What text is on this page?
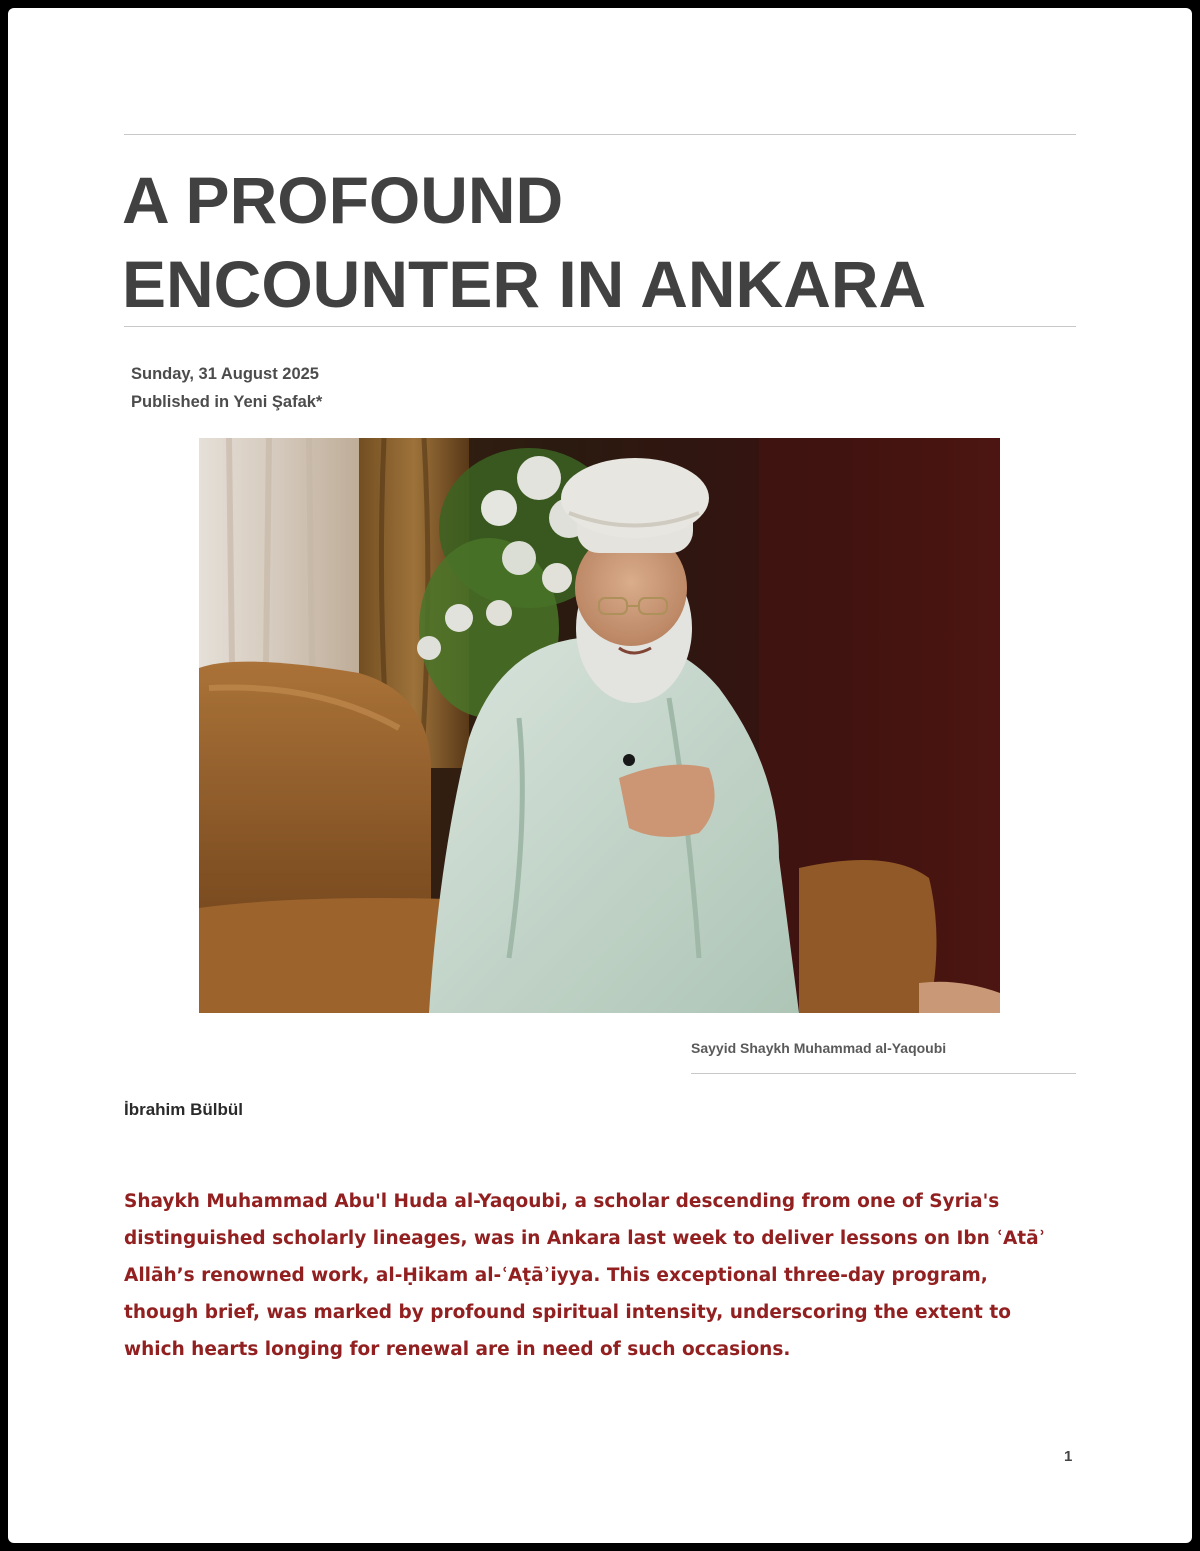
A PROFOUND
ENCOUNTER IN ANKARA
Sunday, 31 August 2025
Published in Yeni Şafak*
Sayyid Shaykh Muhammad al-Yaqoubi
İbrahim Bülbül

Shaykh Muhammad Abu'l Huda al-Yaqoubi, a scholar descending from one of Syria's
distinguished scholarly lineages, was in Ankara last week to deliver lessons on Ibn ʿAtāʾ
Allāh’s renowned work, al-Ḥikam al-ʿAṭāʾiyya. This exceptional three-day program,
though brief, was marked by profound spiritual intensity, underscoring the extent to
which hearts longing for renewal are in need of such occasions.

1
